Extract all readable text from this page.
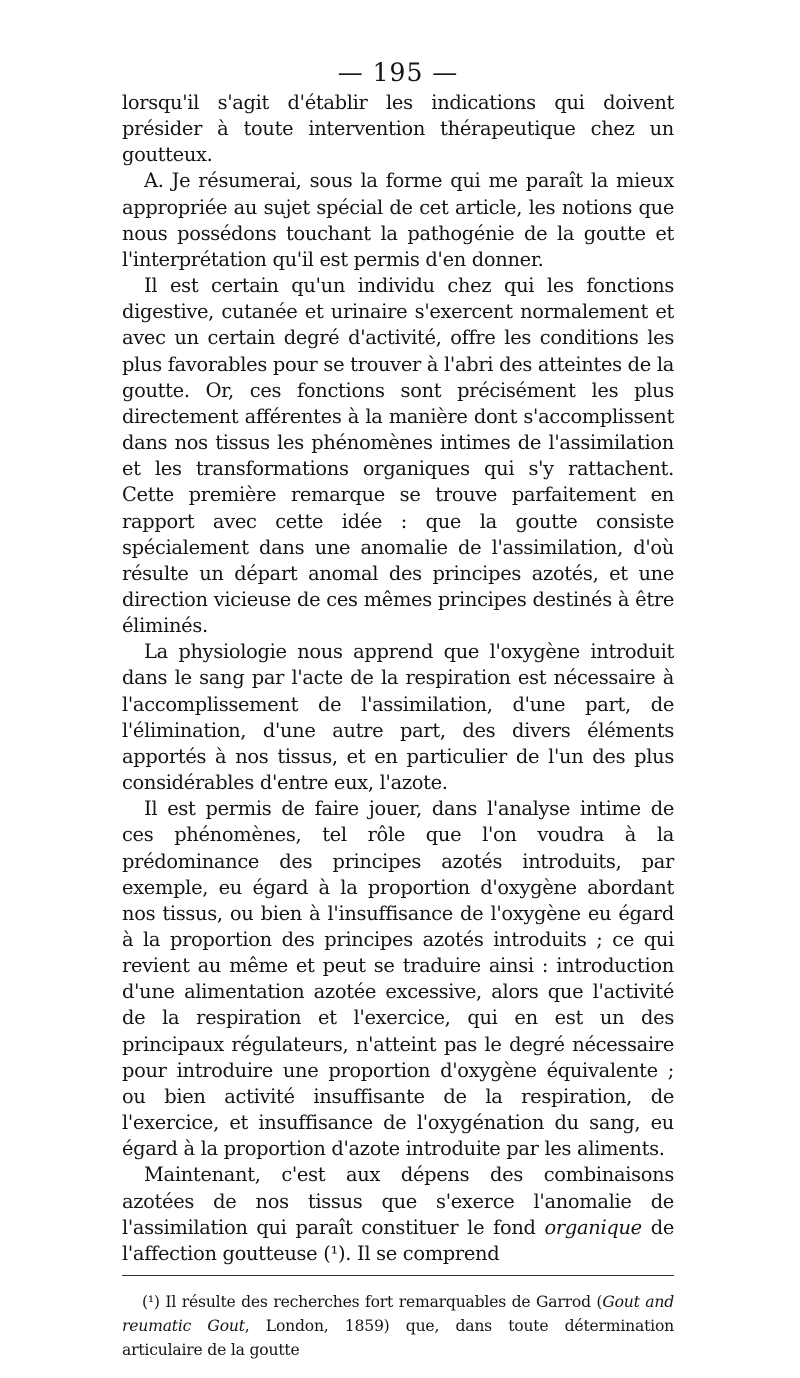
— 195 —

lorsqu'il s'agit d'établir les indications qui doivent présider à toute intervention thérapeutique chez un goutteux.

A. Je résumerai, sous la forme qui me paraît la mieux appropriée au sujet spécial de cet article, les notions que nous possédons touchant la pathogénie de la goutte et l'interprétation qu'il est permis d'en donner.

Il est certain qu'un individu chez qui les fonctions digestive, cutanée et urinaire s'exercent normalement et avec un certain degré d'activité, offre les conditions les plus favorables pour se trouver à l'abri des atteintes de la goutte. Or, ces fonctions sont précisément les plus directement afférentes à la manière dont s'accomplissent dans nos tissus les phénomènes intimes de l'assimilation et les transformations organiques qui s'y rattachent. Cette première remarque se trouve parfaitement en rapport avec cette idée : que la goutte consiste spécialement dans une anomalie de l'assimilation, d'où résulte un départ anomal des principes azotés, et une direction vicieuse de ces mêmes principes destinés à être éliminés.

La physiologie nous apprend que l'oxygène introduit dans le sang par l'acte de la respiration est nécessaire à l'accomplissement de l'assimilation, d'une part, de l'élimination, d'une autre part, des divers éléments apportés à nos tissus, et en particulier de l'un des plus considérables d'entre eux, l'azote.

Il est permis de faire jouer, dans l'analyse intime de ces phénomènes, tel rôle que l'on voudra à la prédominance des principes azotés introduits, par exemple, eu égard à la proportion d'oxygène abordant nos tissus, ou bien à l'insuffisance de l'oxygène eu égard à la proportion des principes azotés introduits ; ce qui revient au même et peut se traduire ainsi : introduction d'une alimentation azotée excessive, alors que l'activité de la respiration et l'exercice, qui en est un des principaux régulateurs, n'atteint pas le degré nécessaire pour introduire une proportion d'oxygène équivalente ; ou bien activité insuffisante de la respiration, de l'exercice, et insuffisance de l'oxygénation du sang, eu égard à la proportion d'azote introduite par les aliments.

Maintenant, c'est aux dépens des combinaisons azotées de nos tissus que s'exerce l'anomalie de l'assimilation qui paraît constituer le fond organique de l'affection goutteuse (¹). Il se comprend

(¹) Il résulte des recherches fort remarquables de Garrod (Gout and reumatic Gout, London, 1859) que, dans toute détermination articulaire de la goutte
